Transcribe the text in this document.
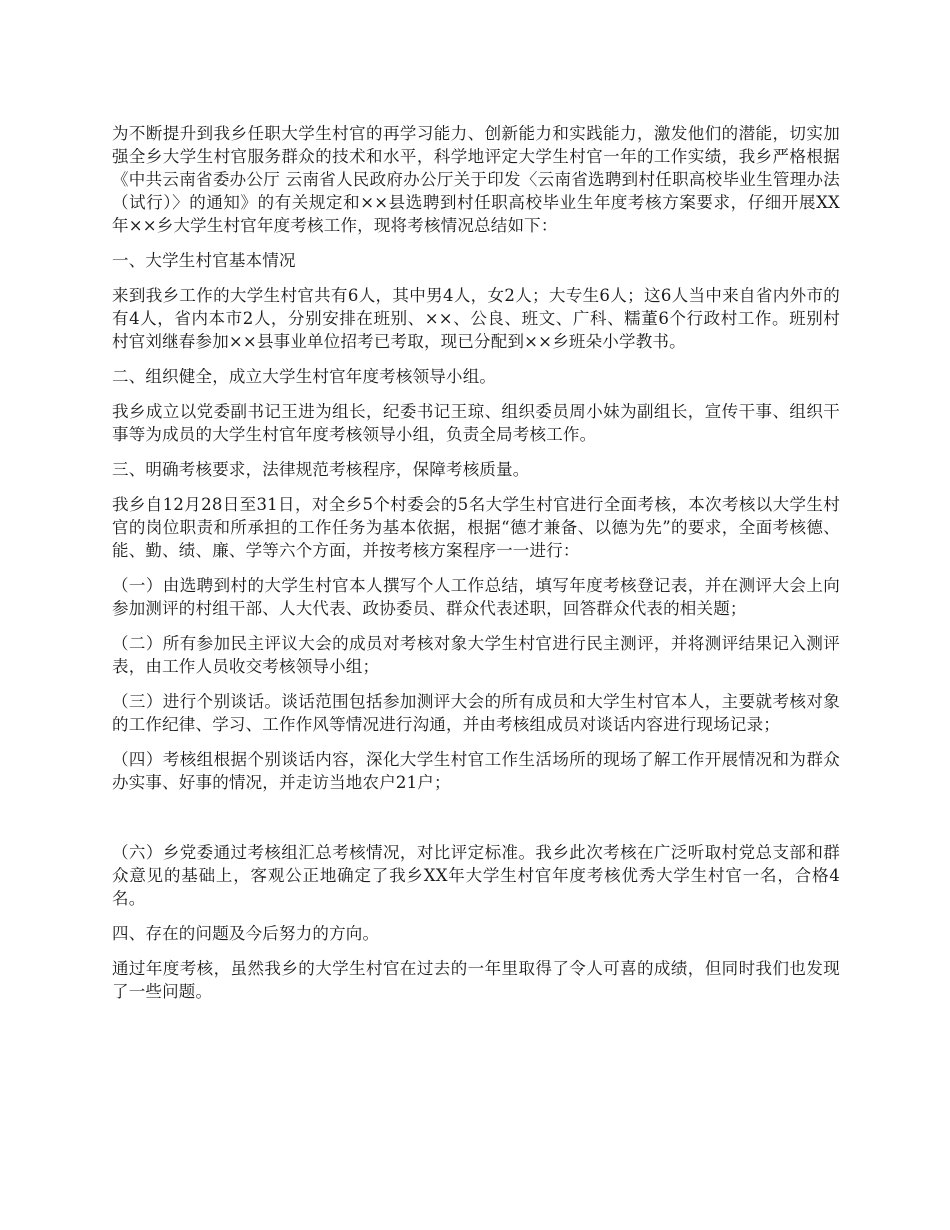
为不断提升到我乡任职大学生村官的再学习能力、创新能力和实践能力，激发他们的潜能，切实加强全乡大学生村官服务群众的技术和水平，科学地评定大学生村官一年的工作实绩，我乡严格根据《中共云南省委办公厅 云南省人民政府办公厅关于印发〈云南省选聘到村任职高校毕业生管理办法（试行）〉的通知》的有关规定和××县选聘到村任职高校毕业生年度考核方案要求，仔细开展XX年××乡大学生村官年度考核工作，现将考核情况总结如下：

一、大学生村官基本情况

来到我乡工作的大学生村官共有6人，其中男4人，女2人；大专生6人；这6人当中来自省内外市的有4人，省内本市2人，分别安排在班别、××、公良、班文、广科、糯董6个行政村工作。班别村村官刘继春参加××县事业单位招考已考取，现已分配到××乡班朵小学教书。

二、组织健全，成立大学生村官年度考核领导小组。

我乡成立以党委副书记王进为组长，纪委书记王琼、组织委员周小妹为副组长，宣传干事、组织干事等为成员的大学生村官年度考核领导小组，负责全局考核工作。

三、明确考核要求，法律规范考核程序，保障考核质量。

我乡自12月28日至31日，对全乡5个村委会的5名大学生村官进行全面考核，本次考核以大学生村官的岗位职责和所承担的工作任务为基本依据，根据“德才兼备、以德为先”的要求，全面考核德、能、勤、绩、廉、学等六个方面，并按考核方案程序一一进行：

（一）由选聘到村的大学生村官本人撰写个人工作总结，填写年度考核登记表，并在测评大会上向参加测评的村组干部、人大代表、政协委员、群众代表述职，回答群众代表的相关题；

（二）所有参加民主评议大会的成员对考核对象大学生村官进行民主测评，并将测评结果记入测评表，由工作人员收交考核领导小组；

（三）进行个别谈话。谈话范围包括参加测评大会的所有成员和大学生村官本人，主要就考核对象的工作纪律、学习、工作作风等情况进行沟通，并由考核组成员对谈话内容进行现场记录；

（四）考核组根据个别谈话内容，深化大学生村官工作生活场所的现场了解工作开展情况和为群众办实事、好事的情况，并走访当地农户21户；

（六）乡党委通过考核组汇总考核情况，对比评定标准。我乡此次考核在广泛听取村党总支部和群众意见的基础上，客观公正地确定了我乡XX年大学生村官年度考核优秀大学生村官一名，合格4名。

四、存在的问题及今后努力的方向。

通过年度考核，虽然我乡的大学生村官在过去的一年里取得了令人可喜的成绩，但同时我们也发现了一些问题。
